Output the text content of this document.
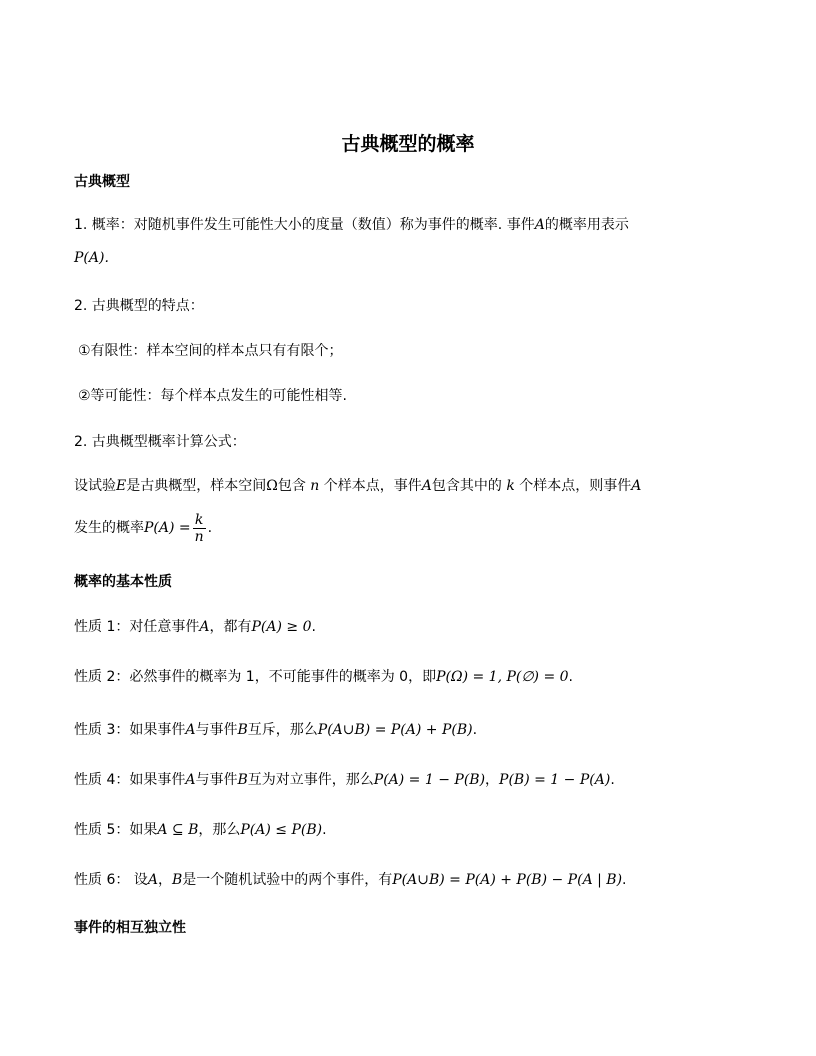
古典概型的概率
古典概型
1. 概率：对随机事件发生可能性大小的度量（数值）称为事件的概率. 事件A的概率用表示
P(A).
2. 古典概型的特点：
①有限性：样本空间的样本点只有有限个；
②等可能性：每个样本点发生的可能性相等.
2. 古典概型概率计算公式：
设试验E是古典概型，样本空间Ω包含 n 个样本点，事件A包含其中的 k 个样本点，则事件A
发生的概率$P(A) = \frac{k}{n}$ .
概率的基本性质
性质 1：对任意事件A，都有P(A) ≥ 0.
性质 2：必然事件的概率为 1，不可能事件的概率为 0，即P(Ω) = 1, P(∅) = 0.
性质 3：如果事件A与事件B互斥，那么P(A∪B) = P(A) + P(B).
性质 4：如果事件A与事件B互为对立事件，那么P(A) = 1 − P(B)，P(B) = 1 − P(A).
性质 5：如果A ⊆ B，那么P(A) ≤ P(B).
性质 6： 设A，B是一个随机试验中的两个事件，有P(A∪B) = P(A) + P(B) − P(A | B).
事件的相互独立性
